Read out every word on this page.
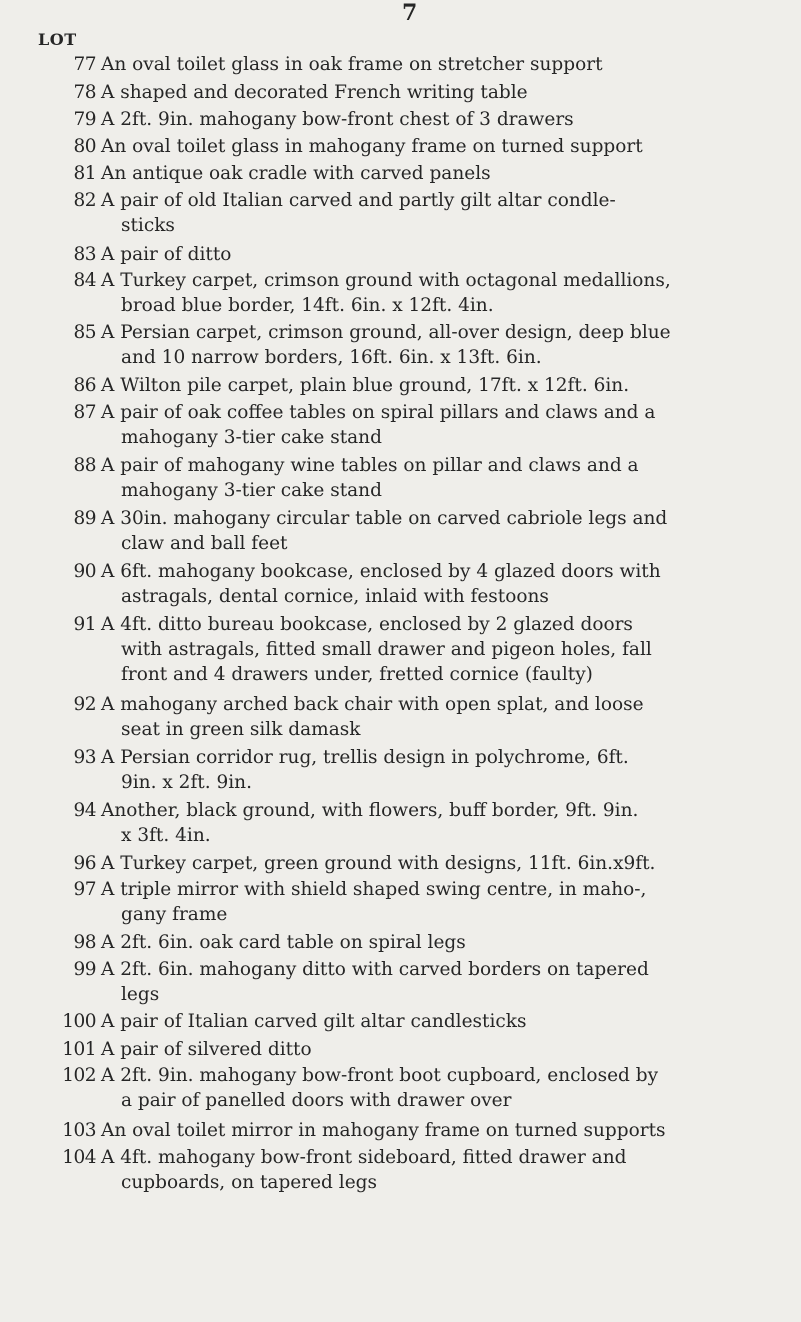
7
LOT
77 An oval toilet glass in oak frame on stretcher support
78 A shaped and decorated French writing table
79 A 2ft. 9in. mahogany bow-front chest of 3 drawers
80 An oval toilet glass in mahogany frame on turned support
81 An antique oak cradle with carved panels
82 A pair of old Italian carved and partly gilt altar condle-
sticks
83 A pair of ditto
84 A Turkey carpet, crimson ground with octagonal medallions,
broad blue border, 14ft. 6in. x 12ft. 4in.
85 A Persian carpet, crimson ground, all-over design, deep blue
and 10 narrow borders, 16ft. 6in. x 13ft. 6in.
86 A Wilton pile carpet, plain blue ground, 17ft. x 12ft. 6in.
87 A pair of oak coffee tables on spiral pillars and claws and a
mahogany 3-tier cake stand
88 A pair of mahogany wine tables on pillar and claws and a
mahogany 3-tier cake stand
89 A 30in. mahogany circular table on carved cabriole legs and
claw and ball feet
90 A 6ft. mahogany bookcase, enclosed by 4 glazed doors with
astragals, dental cornice, inlaid with festoons
91 A 4ft. ditto bureau bookcase, enclosed by 2 glazed doors
with astragals, fitted small drawer and pigeon holes, fall
front and 4 drawers under, fretted cornice (faulty)
92 A mahogany arched back chair with open splat, and loose
seat in green silk damask
93 A Persian corridor rug, trellis design in polychrome, 6ft.
9in. x 2ft. 9in.
94 Another, black ground, with flowers, buff border, 9ft. 9in.
x 3ft. 4in.
96 A Turkey carpet, green ground with designs, 11ft. 6in.x9ft.
97 A triple mirror with shield shaped swing centre, in maho-,
gany frame
98 A 2ft. 6in. oak card table on spiral legs
99 A 2ft. 6in. mahogany ditto with carved borders on tapered
legs
100 A pair of Italian carved gilt altar candlesticks
101 A pair of silvered ditto
102 A 2ft. 9in. mahogany bow-front boot cupboard, enclosed by
a pair of panelled doors with drawer over
103 An oval toilet mirror in mahogany frame on turned supports
104 A 4ft. mahogany bow-front sideboard, fitted drawer and
cupboards, on tapered legs
